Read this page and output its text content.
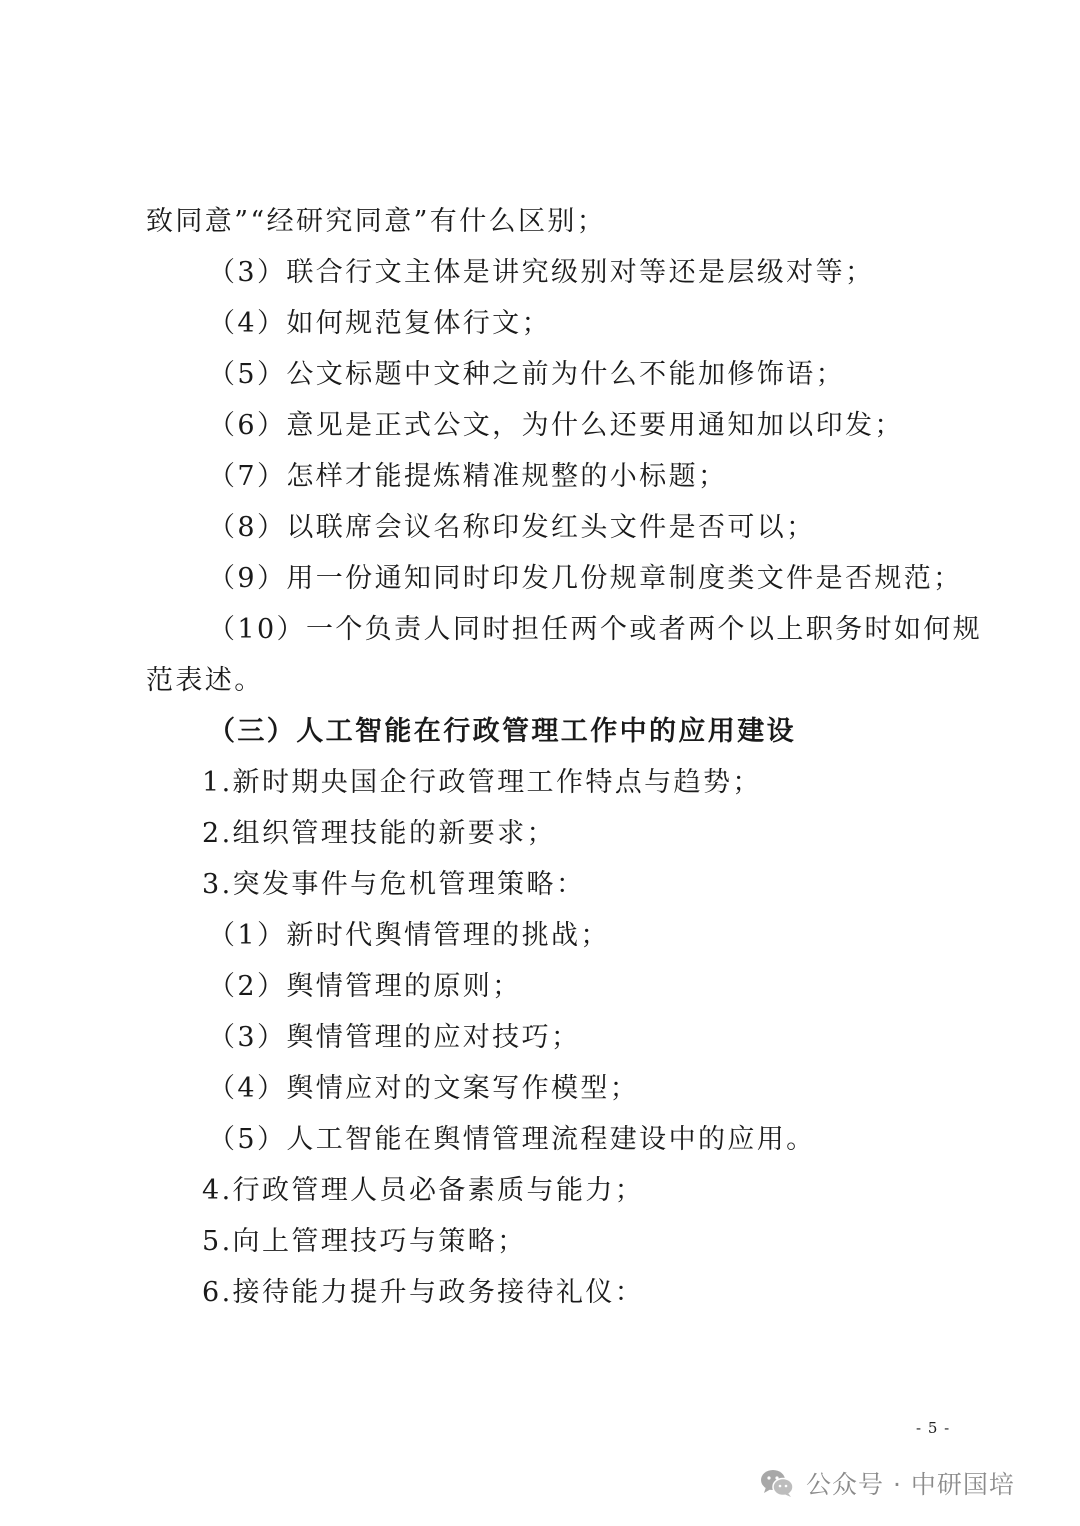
致同意”“经研究同意”有什么区别；
（3）联合行文主体是讲究级别对等还是层级对等；
（4）如何规范复体行文；
（5）公文标题中文种之前为什么不能加修饰语；
（6）意见是正式公文，为什么还要用通知加以印发；
（7）怎样才能提炼精准规整的小标题；
（8）以联席会议名称印发红头文件是否可以；
（9）用一份通知同时印发几份规章制度类文件是否规范；
（10）一个负责人同时担任两个或者两个以上职务时如何规
范表述。
（三）人工智能在行政管理工作中的应用建设
1.新时期央国企行政管理工作特点与趋势；
2.组织管理技能的新要求；
3.突发事件与危机管理策略：
（1）新时代舆情管理的挑战；
（2）舆情管理的原则；
（3）舆情管理的应对技巧；
（4）舆情应对的文案写作模型；
（5）人工智能在舆情管理流程建设中的应用。
4.行政管理人员必备素质与能力；
5.向上管理技巧与策略；
6.接待能力提升与政务接待礼仪：
- 5 -
公众号 · 中研国培
